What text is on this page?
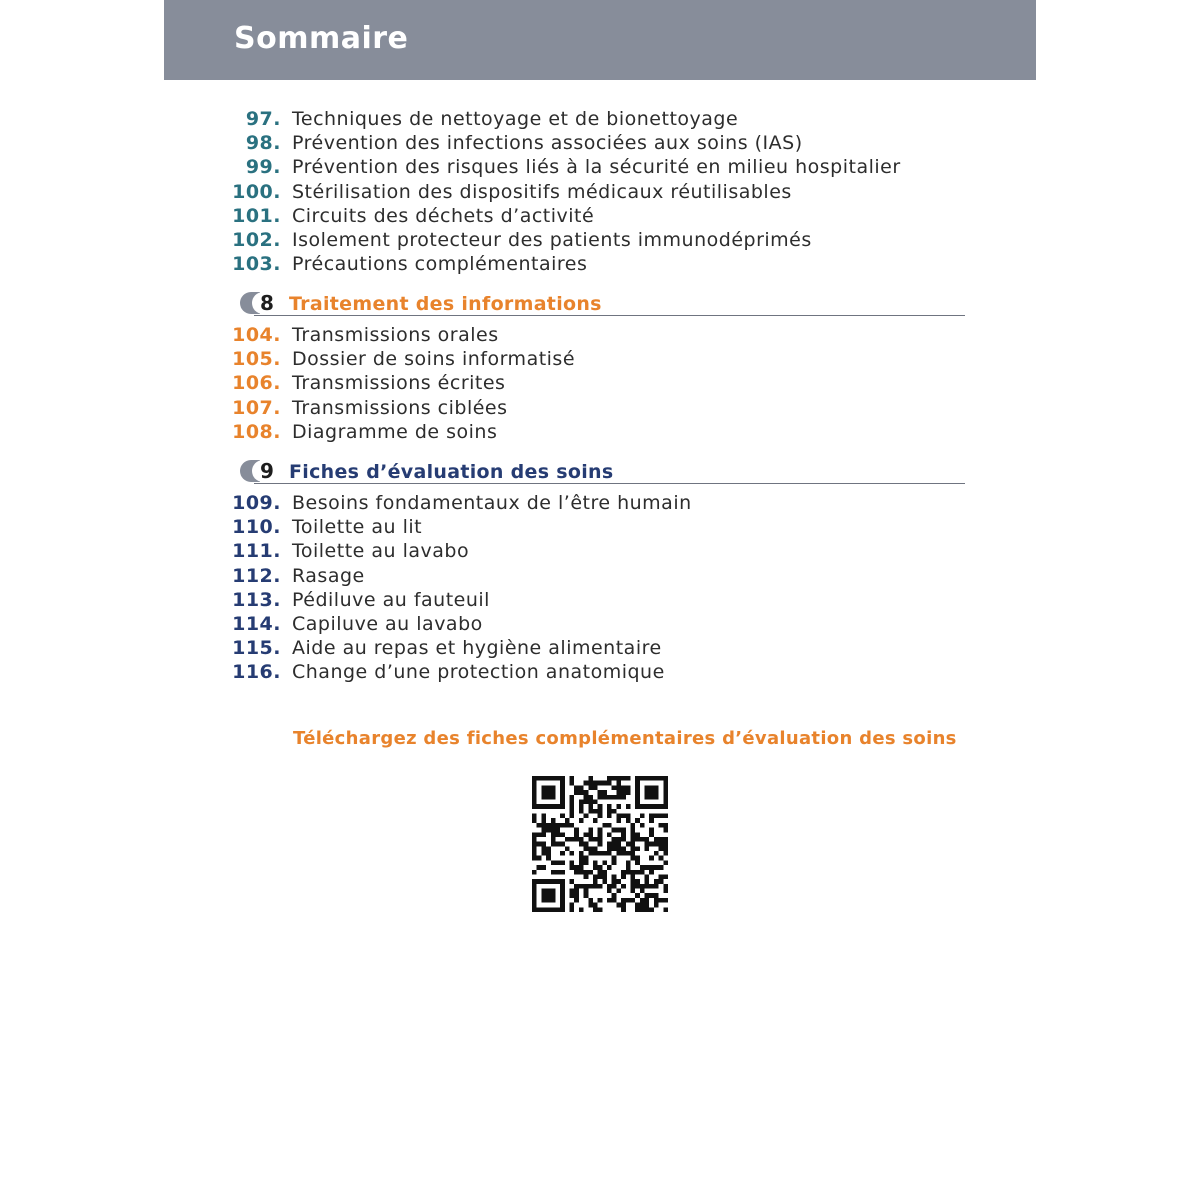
Sommaire
97. Techniques de nettoyage et de bionettoyage
98. Prévention des infections associées aux soins (IAS)
99. Prévention des risques liés à la sécurité en milieu hospitalier
100. Stérilisation des dispositifs médicaux réutilisables
101. Circuits des déchets d’activité
102. Isolement protecteur des patients immunodéprimés
103. Précautions complémentaires
8 Traitement des informations
104. Transmissions orales
105. Dossier de soins informatisé
106. Transmissions écrites
107. Transmissions ciblées
108. Diagramme de soins
9 Fiches d’évaluation des soins
109. Besoins fondamentaux de l’être humain
110. Toilette au lit
111. Toilette au lavabo
112. Rasage
113. Pédiluve au fauteuil
114. Capiluve au lavabo
115. Aide au repas et hygiène alimentaire
116. Change d’une protection anatomique
Téléchargez des fiches complémentaires d’évaluation des soins
